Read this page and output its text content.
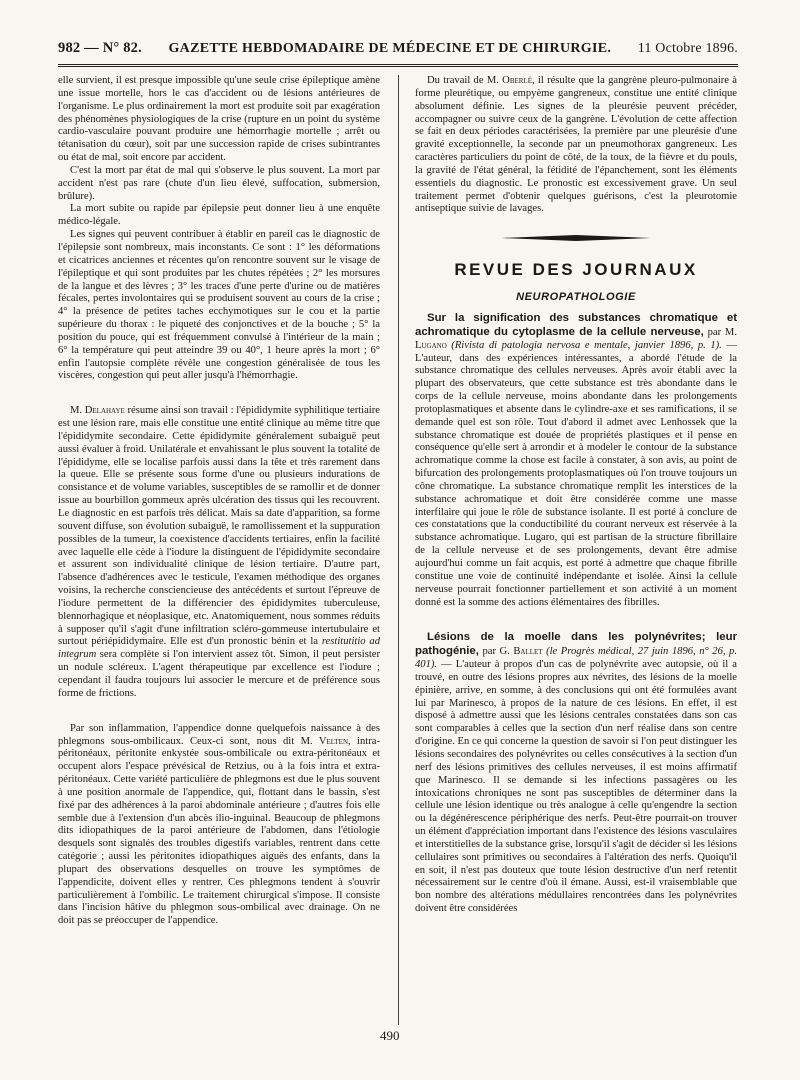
982 — N° 82. GAZETTE HEBDOMADAIRE DE MÉDECINE ET DE CHIRURGIE. 11 Octobre 1896.

elle survient, il est presque impossible qu'une seule crise épileptique amène une issue mortelle, hors le cas d'accident ou de lésions antérieures de l'organisme. Le plus ordinairement la mort est produite soit par exagération des phénomènes physiologiques de la crise (rupture en un point du système cardio-vasculaire pouvant produire une hémorrhagie mortelle ; arrêt ou tétanisation du cœur), soit par une succession rapide de crises subintrantes ou état de mal, soit encore par accident.

C'est la mort par état de mal qui s'observe le plus souvent. La mort par accident n'est pas rare (chute d'un lieu élevé, suffocation, submersion, brûlure).

La mort subite ou rapide par épilepsie peut donner lieu à une enquête médico-légale.

Les signes qui peuvent contribuer à établir en pareil cas le diagnostic de l'épilepsie sont nombreux, mais inconstants. Ce sont : 1° les déformations et cicatrices anciennes et récentes qu'on rencontre souvent sur le visage de l'épileptique et qui sont produites par les chutes répétées ; 2° les morsures de la langue et des lèvres ; 3° les traces d'une perte d'urine ou de matières fécales, pertes involontaires qui se produisent souvent au cours de la crise ; 4° la présence de petites taches ecchymotiques sur le cou et la partie supérieure du thorax : le piqueté des conjonctives et de la bouche ; 5° la position du pouce, qui est fréquemment convulsé à l'intérieur de la main ; 6° la température qui peut atteindre 39 ou 40°, 1 heure après la mort ; 6° enfin l'autopsie complète révèle une congestion généralisée de tous les viscères, congestion qui peut aller jusqu'à l'hémorrhagie.

M. Delahaye résume ainsi son travail : l'épididymite syphilitique tertiaire est une lésion rare, mais elle constitue une entité clinique au même titre que l'épididymite secondaire. Cette épididymite généralement subaiguë peut aussi évaluer à froid. Unilatérale et envahissant le plus souvent la totalité de l'épididyme, elle se localise parfois aussi dans la tête et très rarement dans la queue. Elle se présente sous forme d'une ou plusieurs indurations de consistance et de volume variables, susceptibles de se ramollir et de donner issue au bourbillon gommeux après ulcération des tissus qui les recouvrent. Le diagnostic en est parfois très délicat. Mais sa date d'apparition, sa forme souvent diffuse, son évolution subaiguë, le ramollissement et la suppuration possibles de la tumeur, la coexistence d'accidents tertiaires, enfin la facilité avec laquelle elle cède à l'iodure la distinguent de l'épididymite secondaire et assurent son individualité clinique de lésion tertiaire. D'autre part, l'absence d'adhérences avec le testicule, l'examen méthodique des organes voisins, la recherche consciencieuse des antécédents et surtout l'épreuve de l'iodure permettent de la différencier des épididymites tuberculeuse, blennorhagique et néoplasique, etc. Anatomiquement, nous sommes réduits à supposer qu'il s'agit d'une infiltration scléro-gommeuse intertubulaire et surtout périépididymaire. Elle est d'un pronostic bénin et la restitutitio ad integrum sera complète si l'on intervient assez tôt. Simon, il peut persister un nodule scléreux. L'agent thérapeutique par excellence est l'iodure ; cependant il faudra toujours lui associer le mercure et de préférence sous forme de frictions.

Par son inflammation, l'appendice donne quelquefois naissance à des phlegmons sous-ombilicaux. Ceux-ci sont, nous dit M. Velten, intra-péritonéaux, péritonite enkystée sous-ombilicale ou extra-péritonéaux et occupent alors l'espace prévésical de Retzius, ou à la fois intra et extra-péritonéaux. Cette variété particulière de phlegmons est due le plus souvent à une position anormale de l'appendice, qui, flottant dans le bassin, s'est fixé par des adhérences à la paroi abdominale antérieure ; d'autres fois elle semble due à l'extension d'un abcès ilio-inguinal. Beaucoup de phlegmons dits idiopathiques de la paroi antérieure de l'abdomen, dans l'étiologie desquels sont signalés des troubles digestifs variables, rentrent dans cette catégorie ; aussi les péritonites idiopathiques aiguës des enfants, dans la plupart des observations desquelles on trouve les symptômes de l'appendicite, doivent elles y rentrer. Ces phlegmons tendent à s'ouvrir particulièrement à l'ombilic. Le traitement chirurgical s'impose. Il consiste dans l'incision hâtive du phlegmon sous-ombilical avec drainage. On ne doit pas se préoccuper de l'appendice.

Du travail de M. Oberlé, il résulte que la gangrène pleuro-pulmonaire à forme pleurétique, ou empyème gangreneux, constitue une entité clinique absolument définie. Les signes de la pleurésie peuvent précéder, accompagner ou suivre ceux de la gangrène. L'évolution de cette affection se fait en deux périodes caractérisées, la première par une pleurésie d'une gravité exceptionnelle, la seconde par un pneumothorax gangreneux. Les caractères particuliers du point de côté, de la toux, de la fièvre et du pouls, la gravité de l'état général, la fétidité de l'épanchement, sont les éléments essentiels du diagnostic. Le pronostic est excessivement grave. Un seul traitement permet d'obtenir quelques guérisons, c'est la pleurotomie antiseptique suivie de lavages.

REVUE DES JOURNAUX
NEUROPATHOLOGIE

Sur la signification des substances chromatique et achromatique du cytoplasme de la cellule nerveuse, par M. Lugano (Rivista di patologia nervosa e mentale, janvier 1896, p. 1). — L'auteur, dans des expériences intéressantes, a abordé l'étude de la substance chromatique des cellules nerveuses. Après avoir établi avec la plupart des observateurs, que cette substance est très abondante dans le corps de la cellule nerveuse, moins abondante dans les prolongements protoplasmatiques et absente dans le cylindre-axe et ses ramifications, il se demande quel est son rôle. Tout d'abord il admet avec Lenhossek que la substance chromatique est douée de propriétés plastiques et il pense en conséquence qu'elle sert à arrondir et à modeler le contour de la substance achromatique comme la chose est facile à constater, à son avis, au point de bifurcation des prolongements protoplasmatiques où l'on trouve toujours un cône chromatique. La substance chromatique remplit les interstices de la substance achromatique et doit être considérée comme une masse interfilaire qui joue le rôle de substance isolante. Il est porté à conclure de ces constatations que la conductibilité du courant nerveux est réservée à la substance achromatique. Lugaro, qui est partisan de la structure fibrillaire de la cellule nerveuse et de ses prolongements, devant être admise aujourd'hui comme un fait acquis, est porté à admettre que chaque fibrille constitue une voie de continuité indépendante et isolée. Ainsi la cellule nerveuse pourrait fonctionner partiellement et son activité à un moment donné est la somme des actions élémentaires des fibrilles.

Lésions de la moelle dans les polynévrites; leur pathogénie, par G. Ballet (le Progrès médical, 27 juin 1896, n° 26, p. 401). — L'auteur à propos d'un cas de polynévrite avec autopsie, où il a trouvé, en outre des lésions propres aux névrites, des lésions de la moelle épinière, arrive, en somme, à des conclusions qui ont été formulées avant lui par Marinesco, à propos de la nature de ces lésions. En effet, il est disposé à admettre aussi que les lésions centrales constatées dans son cas sont comparables à celles que la section d'un nerf réalise dans son centre d'origine. En ce qui concerne la question de savoir si l'on peut distinguer les lésions secondaires des polynévrites ou celles consécutives à la section d'un nerf des lésions primitives des cellules nerveuses, il est moins affirmatif que Marinesco. Il se demande si les infections passagères ou les intoxications chroniques ne sont pas susceptibles de déterminer dans la cellule une lésion identique ou très analogue à celle qu'engendre la section ou la dégénérescence périphérique des nerfs. Peut-être pourrait-on trouver un élément d'appréciation important dans l'existence des lésions vasculaires et interstitielles de la substance grise, lorsqu'il s'agit de décider si les lésions cellulaires sont primitives ou secondaires à l'altération des nerfs. Quoiqu'il en soit, il n'est pas douteux que toute lésion destructive d'un nerf retentit nécessairement sur le centre d'où il émane. Aussi, est-il vraisemblable que bon nombre des altérations médullaires rencontrées dans les polynévrites doivent être considérées

490
